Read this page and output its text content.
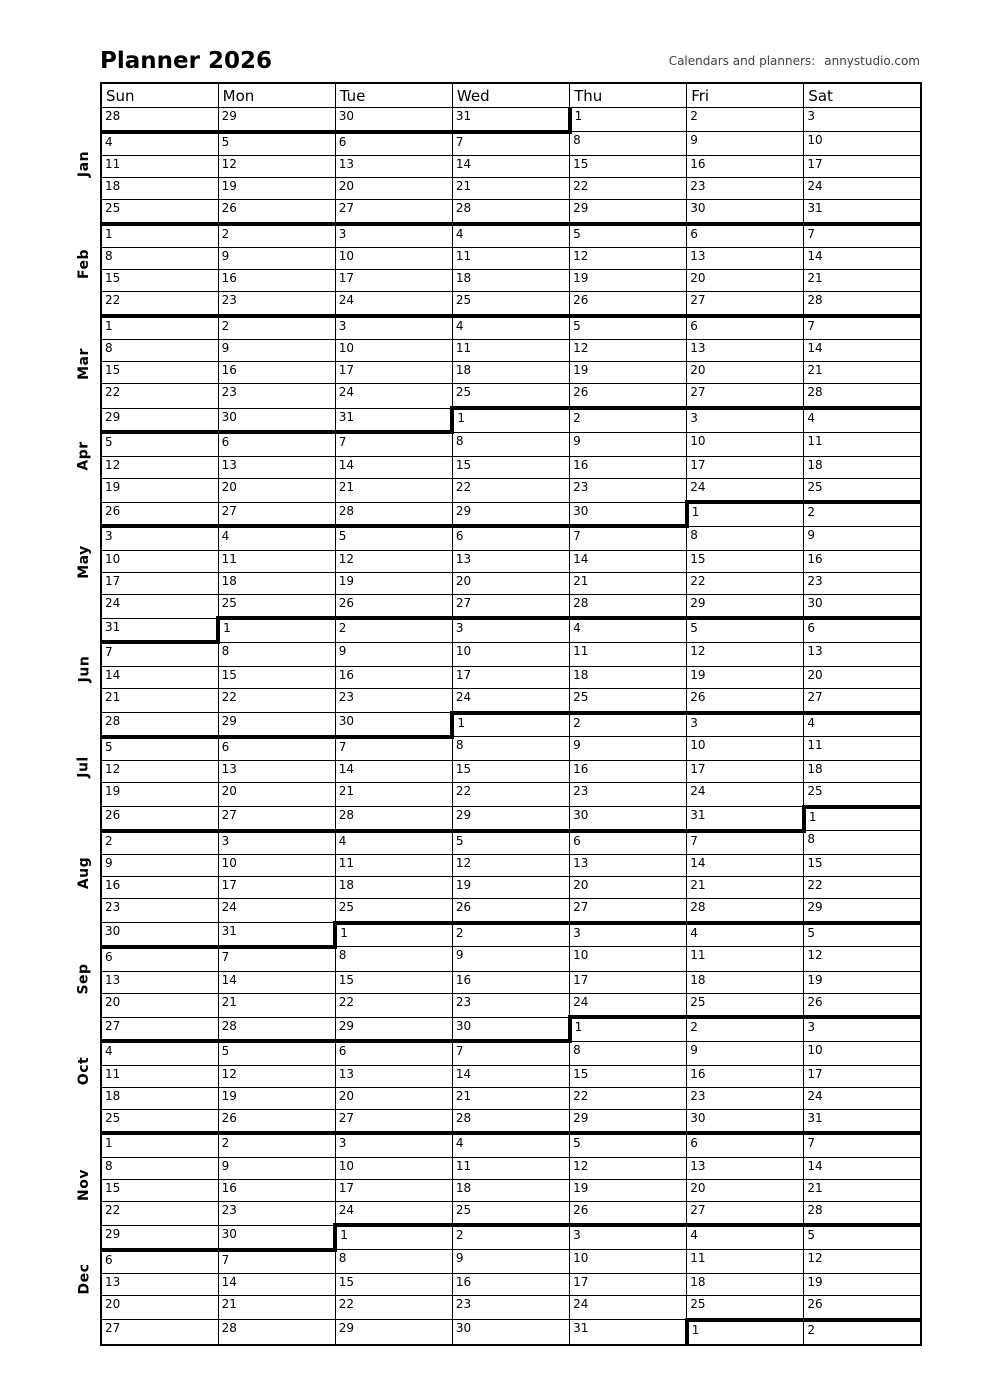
Planner 2026	Calendars and planners: annystudio.com
Jan
Feb
Mar
Apr
May
Jun
Jul
Aug
Sep
Oct
Nov
Dec
Sun	Mon	Tue	Wed	Thu	Fri	Sat
28	29	30	31	1	2	3
4	5	6	7	8	9	10
11	12	13	14	15	16	17
18	19	20	21	22	23	24
25	26	27	28	29	30	31
1	2	3	4	5	6	7
8	9	10	11	12	13	14
15	16	17	18	19	20	21
22	23	24	25	26	27	28
1	2	3	4	5	6	7
8	9	10	11	12	13	14
15	16	17	18	19	20	21
22	23	24	25	26	27	28
29	30	31	1	2	3	4
5	6	7	8	9	10	11
12	13	14	15	16	17	18
19	20	21	22	23	24	25
26	27	28	29	30	1	2
3	4	5	6	7	8	9
10	11	12	13	14	15	16
17	18	19	20	21	22	23
24	25	26	27	28	29	30
31	1	2	3	4	5	6
7	8	9	10	11	12	13
14	15	16	17	18	19	20
21	22	23	24	25	26	27
28	29	30	1	2	3	4
5	6	7	8	9	10	11
12	13	14	15	16	17	18
19	20	21	22	23	24	25
26	27	28	29	30	31	1
2	3	4	5	6	7	8
9	10	11	12	13	14	15
16	17	18	19	20	21	22
23	24	25	26	27	28	29
30	31	1	2	3	4	5
6	7	8	9	10	11	12
13	14	15	16	17	18	19
20	21	22	23	24	25	26
27	28	29	30	1	2	3
4	5	6	7	8	9	10
11	12	13	14	15	16	17
18	19	20	21	22	23	24
25	26	27	28	29	30	31
1	2	3	4	5	6	7
8	9	10	11	12	13	14
15	16	17	18	19	20	21
22	23	24	25	26	27	28
29	30	1	2	3	4	5
6	7	8	9	10	11	12
13	14	15	16	17	18	19
20	21	22	23	24	25	26
27	28	29	30	31	1	2
